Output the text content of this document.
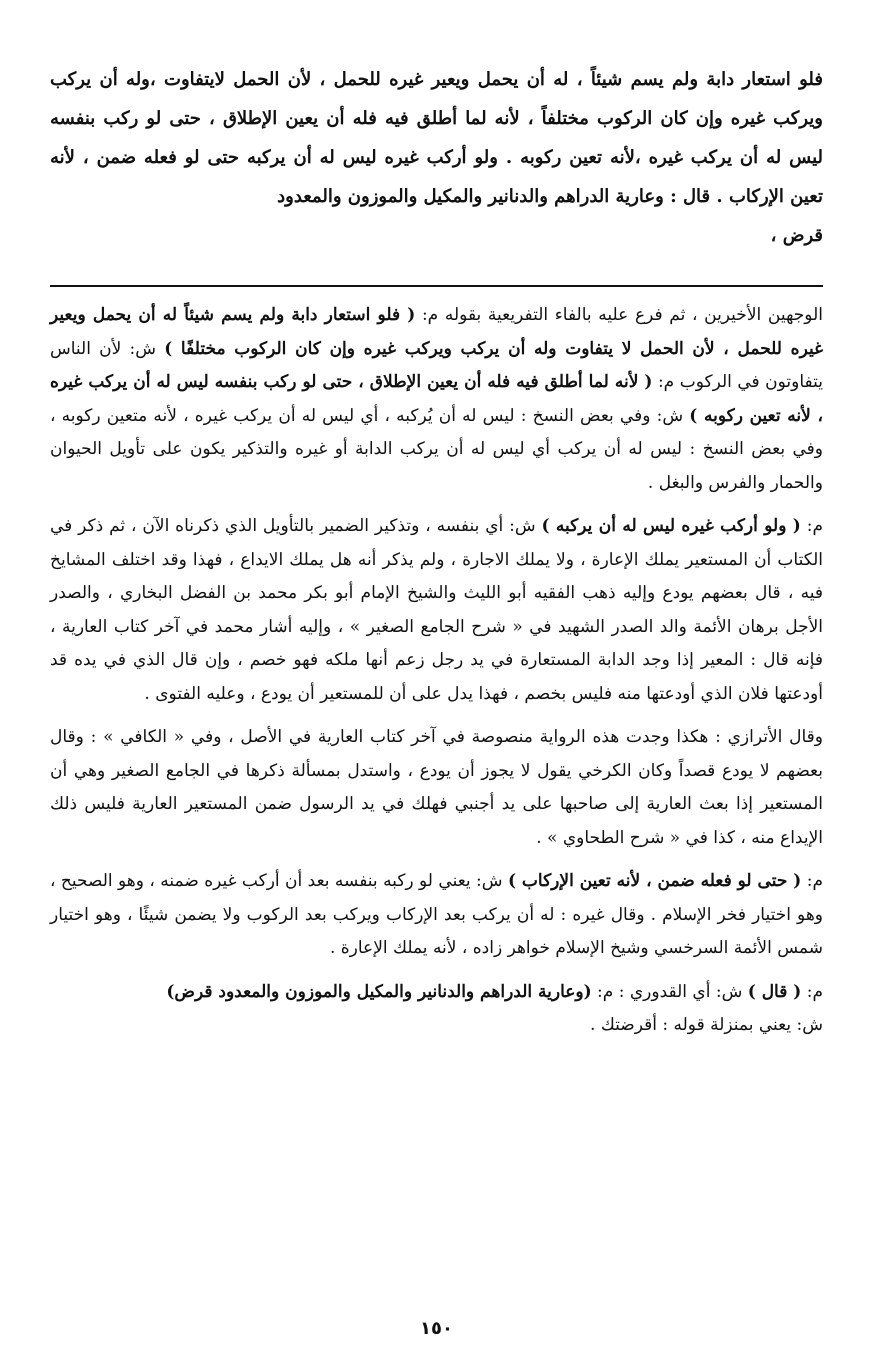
فلو استعار دابة ولم يسم شيئاً ، له أن يحمل ويعير غيره للحمل ، لأن الحمل لايتفاوت ،وله أن يركب ويركب غيره وإن كان الركوب مختلفاً ، لأنه لما أطلق فيه فله أن يعين الإطلاق ، حتى لو ركب بنفسه ليس له أن يركب غيره ،لأنه تعين ركوبه . ولو أركب غيره ليس له أن يركبه حتى لو فعله ضمن ، لأنه تعين الإركاب . قال : وعارية الدراهم والدنانير والمكيل والموزون والمعدود

قرض ،

الوجهين الأخيرين ، ثم فرع عليه بالفاء التفريعية بقوله م: ( فلو استعار دابة ولم يسم شيئاً له أن يحمل ويعير غيره للحمل ، لأن الحمل لا يتفاوت وله أن يركب ويركب غيره وإن كان الركوب مختلفًا ) ش: لأن الناس يتفاوتون في الركوب م: ( لأنه لما أطلق فيه فله أن يعين الإطلاق ، حتى لو ركب بنفسه ليس له أن يركب غيره ، لأنه تعين ركوبه ) ش: وفي بعض النسخ : ليس له أن يُركبه ، أي ليس له أن يركب غيره ، لأنه متعين ركوبه ، وفي بعض النسخ : ليس له أن يركب أي ليس له أن يركب الدابة أو غيره والتذكير يكون على تأويل الحيوان والحمار والفرس والبغل .

م: ( ولو أركب غيره ليس له أن يركبه ) ش: أي بنفسه ، وتذكير الضمير بالتأويل الذي ذكرناه الآن ، ثم ذكر في الكتاب أن المستعير يملك الإعارة ، ولا يملك الاجارة ، ولم يذكر أنه هل يملك الايداع ، فهذا وقد اختلف المشايخ فيه ، قال بعضهم يودع وإليه ذهب الفقيه أبو الليث والشيخ الإمام أبو بكر محمد بن الفضل البخاري ، والصدر الأجل برهان الأئمة والد الصدر الشهيد في « شرح الجامع الصغير » ، وإليه أشار محمد في آخر كتاب العارية ، فإنه قال : المعير إذا وجد الدابة المستعارة في يد رجل زعم أنها ملكه فهو خصم ، وإن قال الذي في يده قد أودعتها فلان الذي أودعتها منه فليس بخصم ، فهذا يدل على أن للمستعير أن يودع ، وعليه الفتوى .

وقال الأترازي : هكذا وجدت هذه الرواية منصوصة في آخر كتاب العارية في الأصل ، وفي « الكافي » : وقال بعضهم لا يودع قصداً وكان الكرخي يقول لا يجوز أن يودع ، واستدل بمسألة ذكرها في الجامع الصغير وهي أن المستعير إذا بعث العارية إلى صاحبها على يد أجنبي فهلك في يد الرسول ضمن المستعير العارية فليس ذلك الإيداع منه ، كذا في « شرح الطحاوي » .

م: ( حتى لو فعله ضمن ، لأنه تعين الإركاب ) ش: يعني لو ركبه بنفسه بعد أن أركب غيره ضمنه ، وهو الصحيح ، وهو اختيار فخر الإسلام . وقال غيره : له أن يركب بعد الإركاب ويركب بعد الركوب ولا يضمن شيئًا ، وهو اختيار شمس الأئمة السرخسي وشيخ الإسلام خواهر زاده ، لأنه يملك الإعارة .

م: ( قال ) ش: أي القدوري : م: (وعارية الدراهم والدنانير والمكيل والموزون والمعدود قرض)

ش: يعني بمنزلة قوله : أقرضتك .

١٥٠
